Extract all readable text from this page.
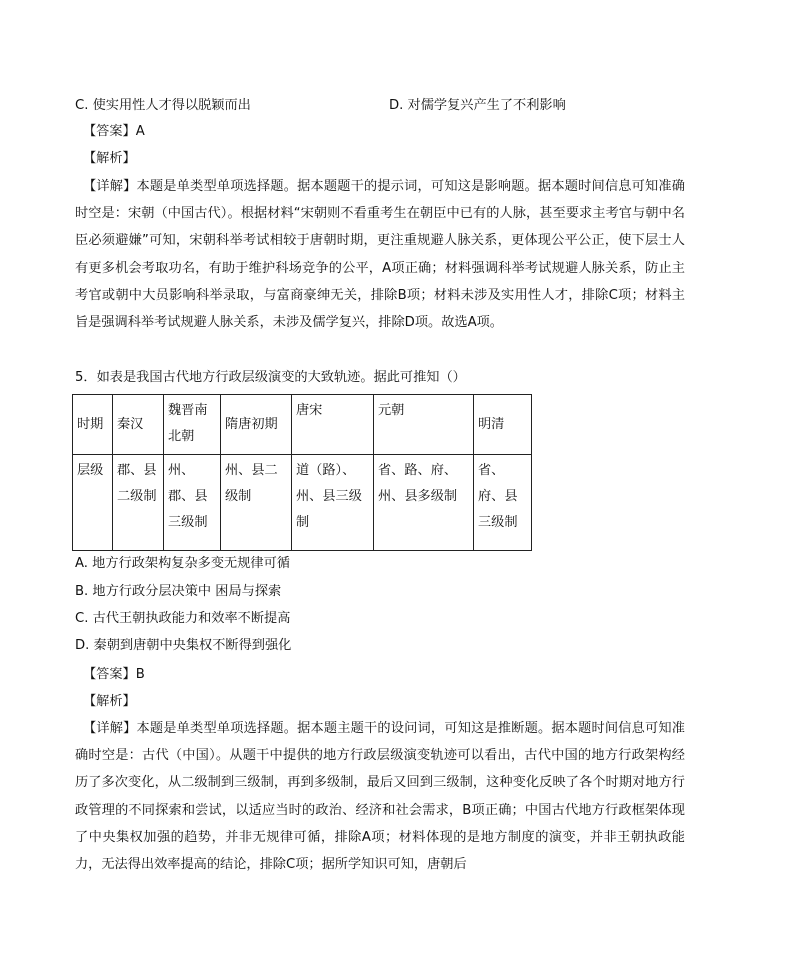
C. 使实用性人才得以脱颖而出	D. 对儒学复兴产生了不利影响
【答案】A
【解析】
【详解】本题是单类型单项选择题。据本题题干的提示词，可知这是影响题。据本题时间信息可知准确时空是：宋朝（中国古代）。根据材料“宋朝则不看重考生在朝臣中已有的人脉，甚至要求主考官与朝中名臣必须避嫌”可知，宋朝科举考试相较于唐朝时期，更注重规避人脉关系，更体现公平公正，使下层士人有更多机会考取功名，有助于维护科场竞争的公平，A项正确；材料强调科举考试规避人脉关系，防止主考官或朝中大员影响科举录取，与富商豪绅无关，排除B项；材料未涉及实用性人才，排除C项；材料主旨是强调科举考试规避人脉关系，未涉及儒学复兴，排除D项。故选A项。
5．如表是我国古代地方行政层级演变的大致轨迹。据此可推知（）
时期	秦汉	魏晋南北朝	隋唐初期	唐宋	元朝	明清
层级	郡、县二级制	州、郡、县三级制	州、县二级制	道（路）、州、县三级制	省、路、府、州、县多级制	省、府、县三级制
A. 地方行政架构复杂多变无规律可循
B. 地方行政分层决策中 困局与探索
C. 古代王朝执政能力和效率不断提高
D. 秦朝到唐朝中央集权不断得到强化
【答案】B
【解析】
【详解】本题是单类型单项选择题。据本题主题干的设问词，可知这是推断题。据本题时间信息可知准确时空是：古代（中国）。从题干中提供的地方行政层级演变轨迹可以看出，古代中国的地方行政架构经历了多次变化，从二级制到三级制，再到多级制，最后又回到三级制，这种变化反映了各个时期对地方行政管理的不同探索和尝试，以适应当时的政治、经济和社会需求，B项正确；中国古代地方行政框架体现了中央集权加强的趋势，并非无规律可循，排除A项；材料体现的是地方制度的演变，并非王朝执政能力，无法得出效率提高的结论，排除C项；据所学知识可知，唐朝后
